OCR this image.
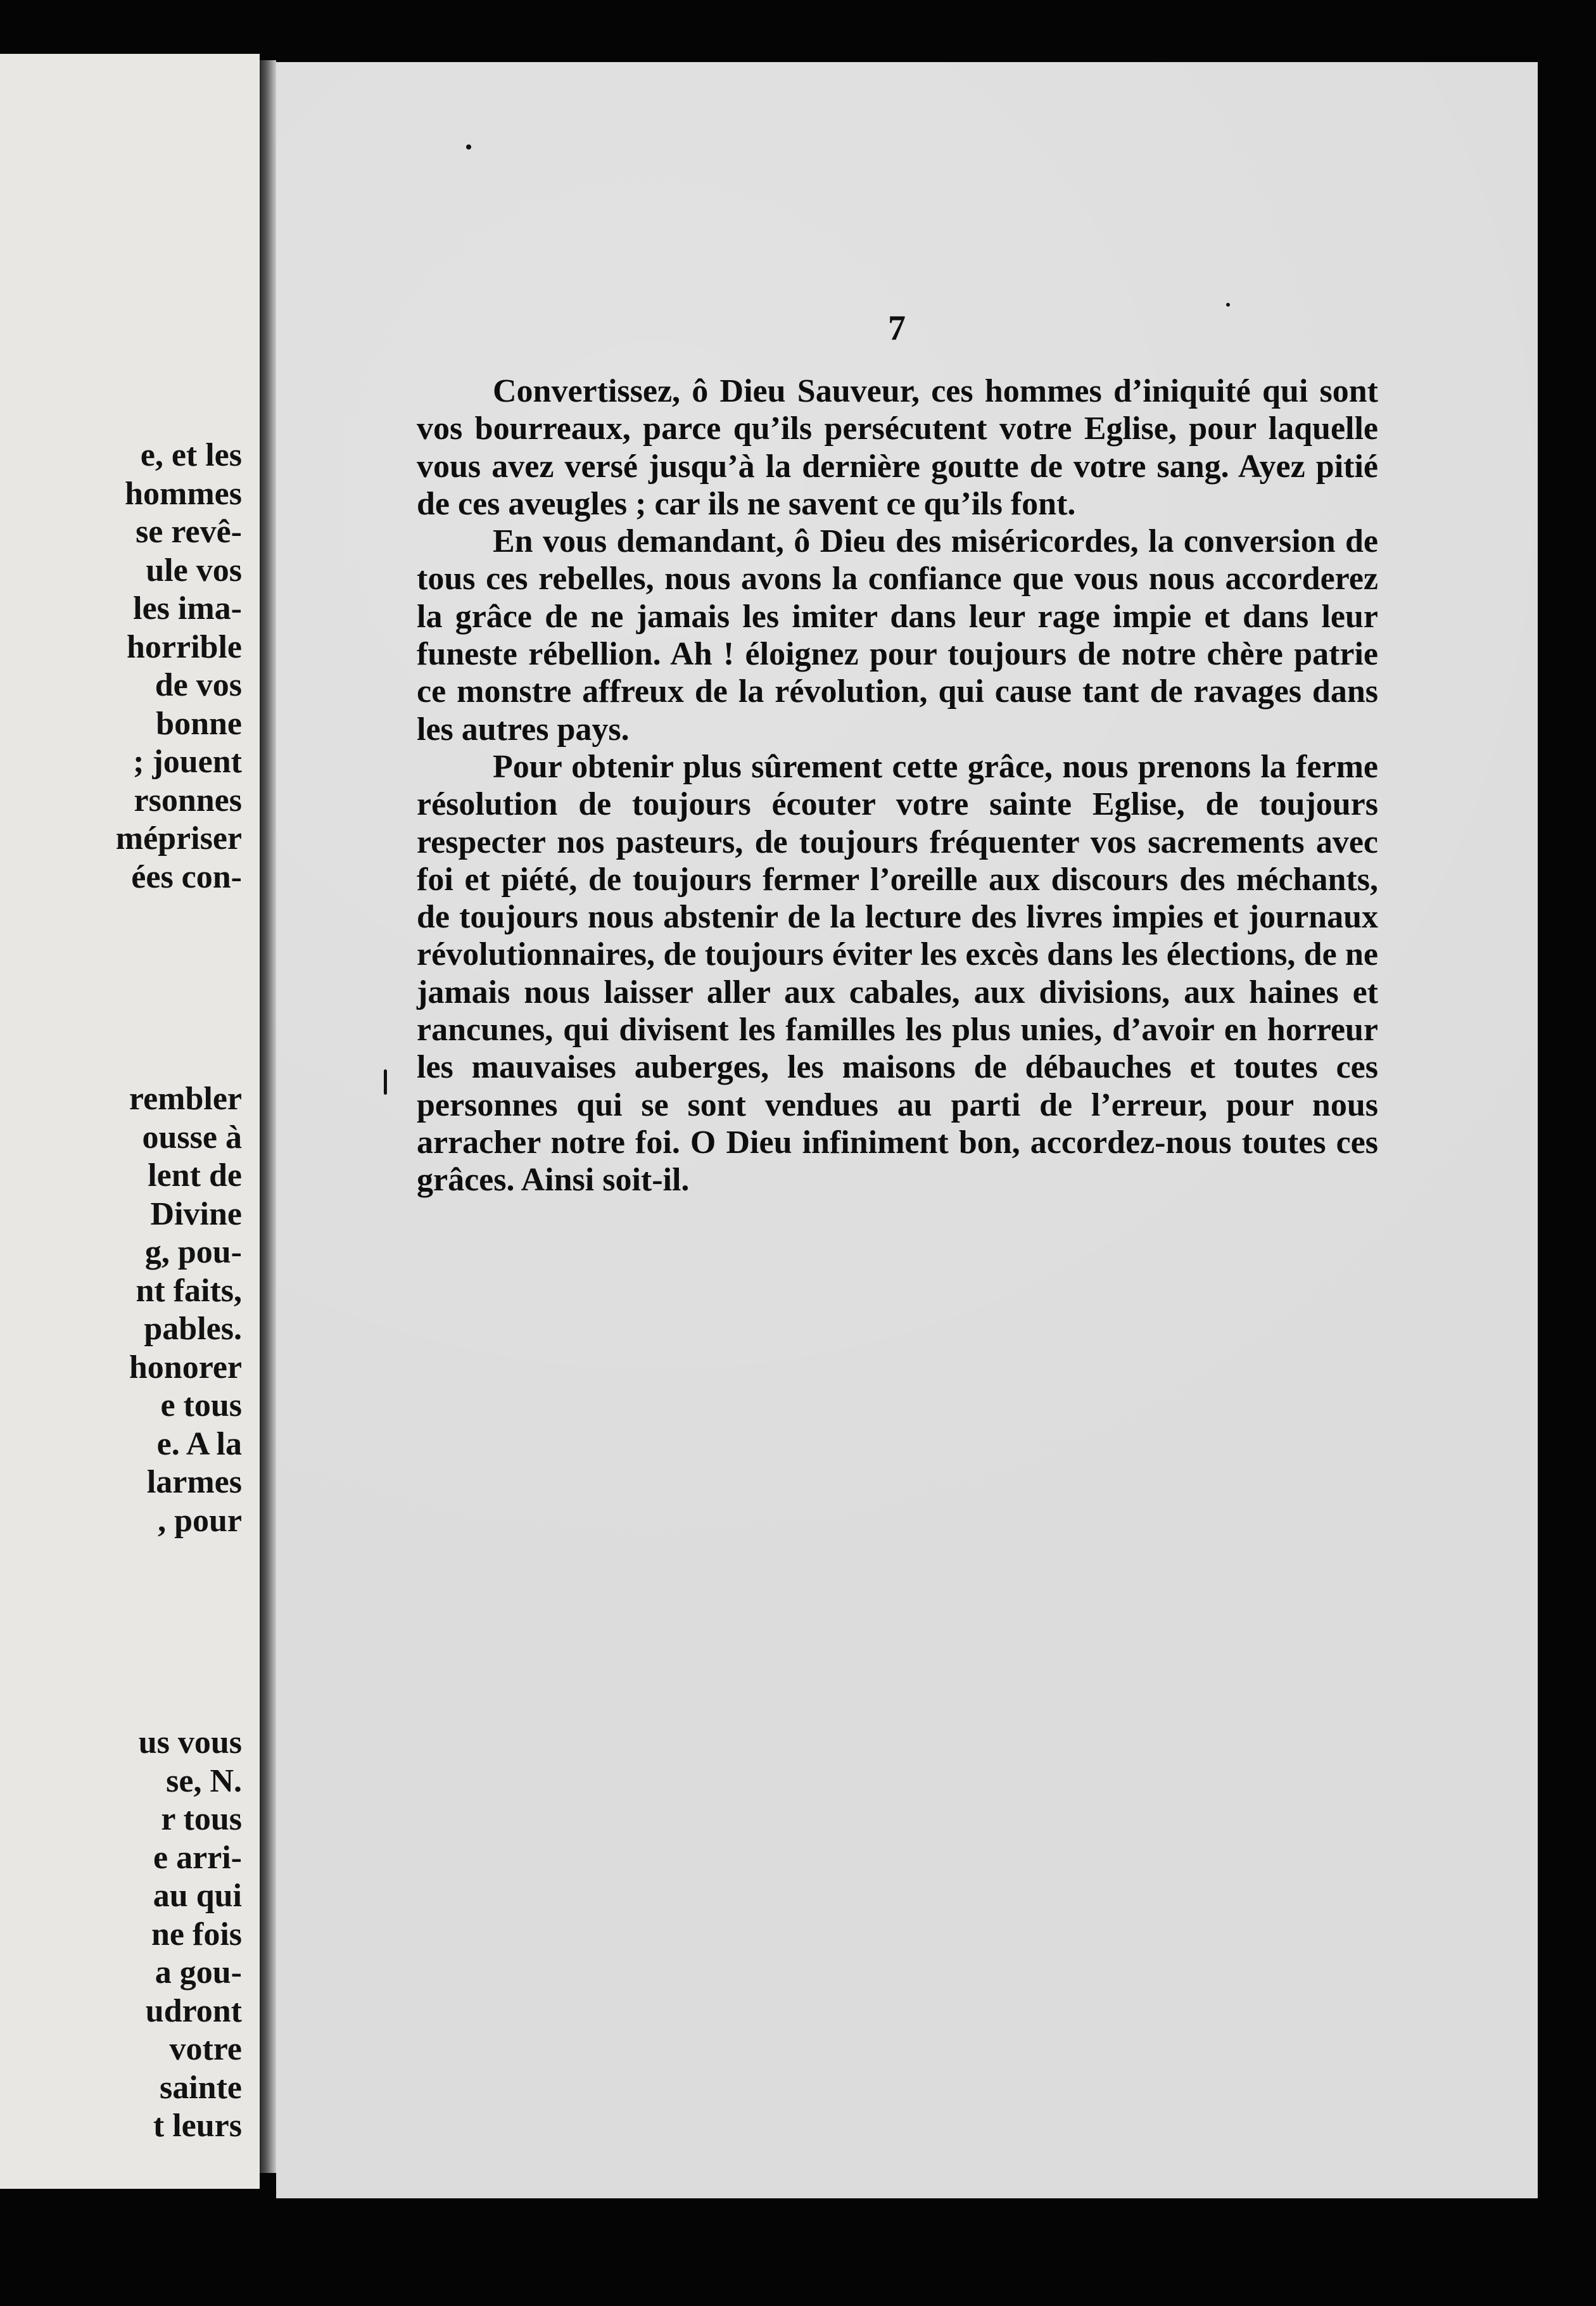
e, et les
hommes
se revê-
ule vos
les ima-
horrible
de vos
bonne
; jouent
rsonnes
mépriser
ées con-

rembler
ousse à
lent de
Divine
g, pou-
nt faits,
pables.
honorer
e tous
e. A la
larmes
, pour

us vous
se, N.
r tous
e arri-
au qui
ne fois
a gou-
udront
votre
sainte
t leurs

7

Convertissez, ô Dieu Sauveur, ces hommes d’iniquité qui sont vos bourreaux, parce qu’ils persécutent votre Eglise, pour laquelle vous avez versé jusqu’à la dernière goutte de votre sang. Ayez pitié de ces aveugles ; car ils ne savent ce qu’ils font.

En vous demandant, ô Dieu des miséricordes, la conversion de tous ces rebelles, nous avons la confiance que vous nous accorderez la grâce de ne jamais les imiter dans leur rage impie et dans leur funeste rébellion. Ah ! éloignez pour toujours de notre chère patrie ce monstre affreux de la révolution, qui cause tant de ravages dans les autres pays.

Pour obtenir plus sûrement cette grâce, nous prenons la ferme résolution de toujours écouter votre sainte Eglise, de toujours respecter nos pasteurs, de toujours fréquenter vos sacrements avec foi et piété, de toujours fermer l’oreille aux discours des méchants, de toujours nous abstenir de la lecture des livres impies et journaux révolutionnaires, de toujours éviter les excès dans les élections, de ne jamais nous laisser aller aux cabales, aux divisions, aux haines et rancunes, qui divisent les familles les plus unies, d’avoir en horreur les mauvaises auberges, les maisons de débauches et toutes ces personnes qui se sont vendues au parti de l’erreur, pour nous arracher notre foi. O Dieu infiniment bon, accordez-nous toutes ces grâces. Ainsi soit-il.
